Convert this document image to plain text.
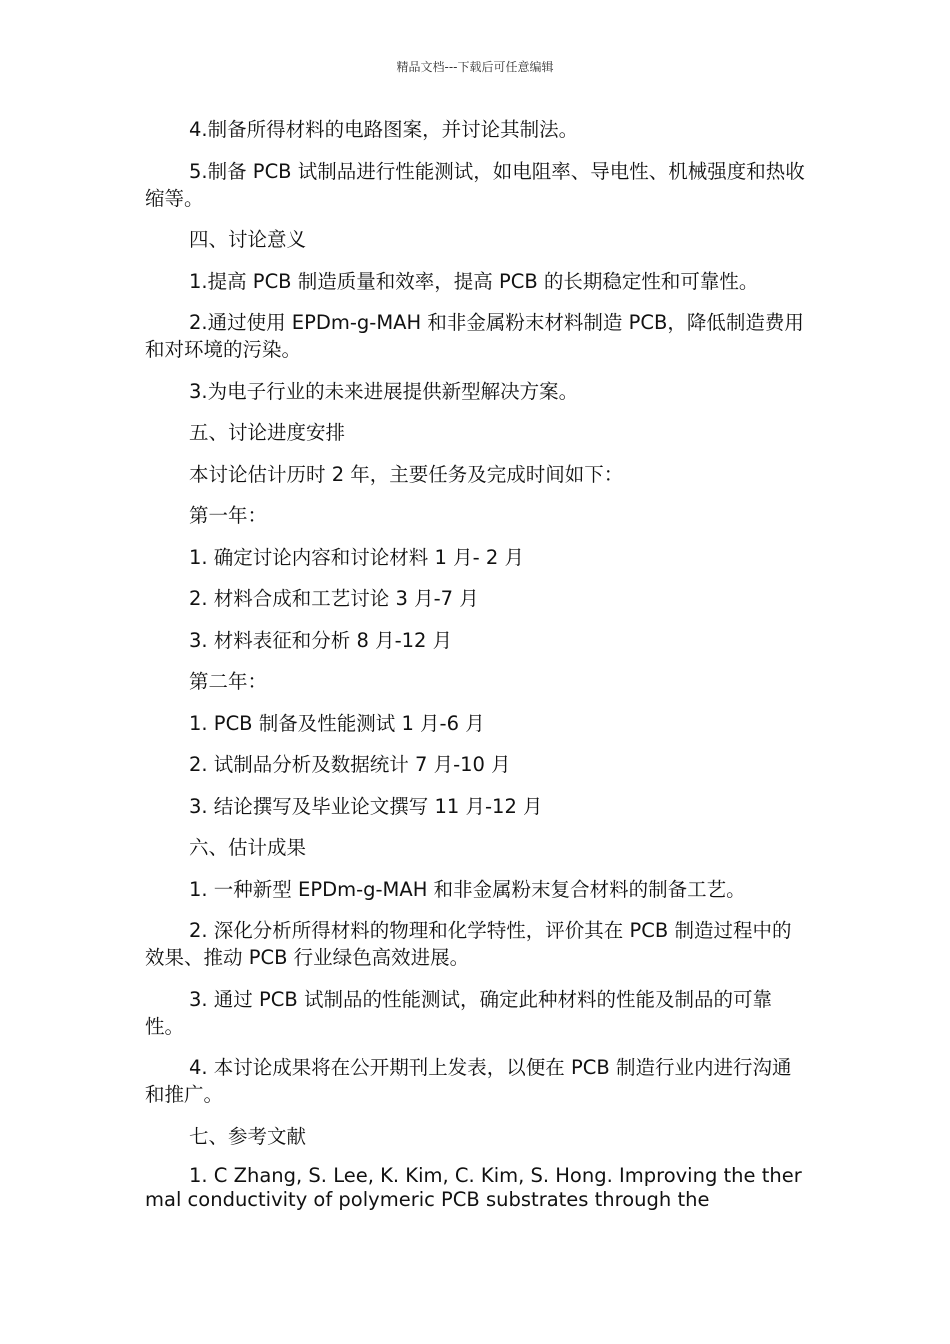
精品文档---下载后可任意编辑

4.制备所得材料的电路图案，并讨论其制法。

5.制备 PCB 试制品进行性能测试，如电阻率、导电性、机械强度和热收缩等。

四、讨论意义

1.提高 PCB 制造质量和效率，提高 PCB 的长期稳定性和可靠性。

2.通过使用 EPDm-g-MAH 和非金属粉末材料制造 PCB，降低制造费用和对环境的污染。

3.为电子行业的未来进展提供新型解决方案。

五、讨论进度安排

本讨论估计历时 2 年，主要任务及完成时间如下：

第一年：

1. 确定讨论内容和讨论材料 1 月- 2 月

2. 材料合成和工艺讨论 3 月-7 月

3. 材料表征和分析 8 月-12 月

第二年：

1. PCB 制备及性能测试 1 月-6 月

2. 试制品分析及数据统计 7 月-10 月

3. 结论撰写及毕业论文撰写 11 月-12 月

六、估计成果

1. 一种新型 EPDm-g-MAH 和非金属粉末复合材料的制备工艺。

2. 深化分析所得材料的物理和化学特性，评价其在 PCB 制造过程中的效果、推动 PCB 行业绿色高效进展。

3. 通过 PCB 试制品的性能测试，确定此种材料的性能及制品的可靠性。

4. 本讨论成果将在公开期刊上发表，以便在 PCB 制造行业内进行沟通和推广。

七、参考文献

1. C Zhang, S. Lee, K. Kim, C. Kim, S. Hong. Improving the thermal conductivity of polymeric PCB substrates through the
